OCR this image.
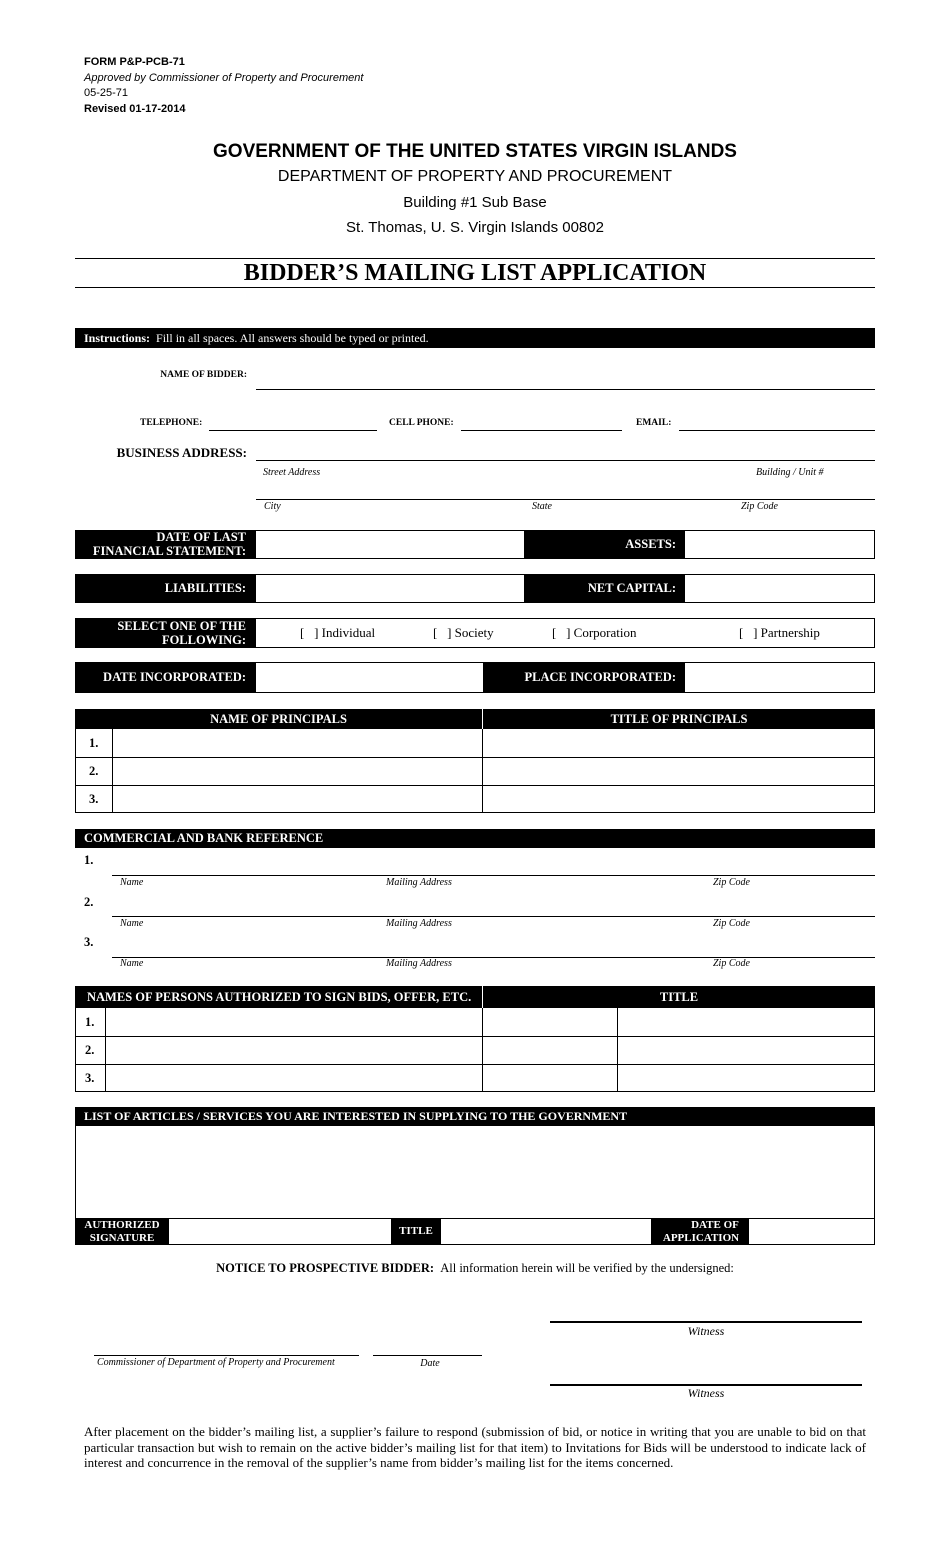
FORM P&P-PCB-71
Approved by Commissioner of Property and Procurement
05-25-71
Revised 01-17-2014
GOVERNMENT OF THE UNITED STATES VIRGIN ISLANDS
DEPARTMENT OF PROPERTY AND PROCUREMENT
Building #1 Sub Base
St. Thomas, U. S. Virgin Islands 00802
BIDDER’S MAILING LIST APPLICATION
Instructions: Fill in all spaces. All answers should be typed or printed.
NAME OF BIDDER:
TELEPHONE:	CELL PHONE:	EMAIL:
BUSINESS ADDRESS:
Street Address	Building / Unit #
City	State	Zip Code
DATE OF LAST
FINANCIAL STATEMENT:	ASSETS:
LIABILITIES:	NET CAPITAL:
SELECT ONE OF THE
FOLLOWING:	[   ] Individual	[   ] Society	[   ] Corporation	[   ] Partnership
DATE INCORPORATED:	PLACE INCORPORATED:
NAME OF PRINCIPALS	TITLE OF PRINCIPALS
1.
2.
3.
COMMERCIAL AND BANK REFERENCE
1.
Name	Mailing Address	Zip Code
2.
Name	Mailing Address	Zip Code
3.
Name	Mailing Address	Zip Code
NAMES OF PERSONS AUTHORIZED TO SIGN BIDS, OFFER, ETC.	TITLE
1.
2.
3.
LIST OF ARTICLES / SERVICES YOU ARE INTERESTED IN SUPPLYING TO THE GOVERNMENT
AUTHORIZED
SIGNATURE
TITLE	DATE OF
APPLICATION
NOTICE TO PROSPECTIVE BIDDER: All information herein will be verified by the undersigned:
Witness
Commissioner of Department of Property and Procurement	Date
Witness
After placement on the bidder’s mailing list, a supplier’s failure to respond (submission of bid, or notice in writing that you are unable to bid on that particular transaction but wish to remain on the active bidder’s mailing list for that item) to Invitations for Bids will be understood to indicate lack of interest and concurrence in the removal of the supplier’s name from bidder’s mailing list for the items concerned.
